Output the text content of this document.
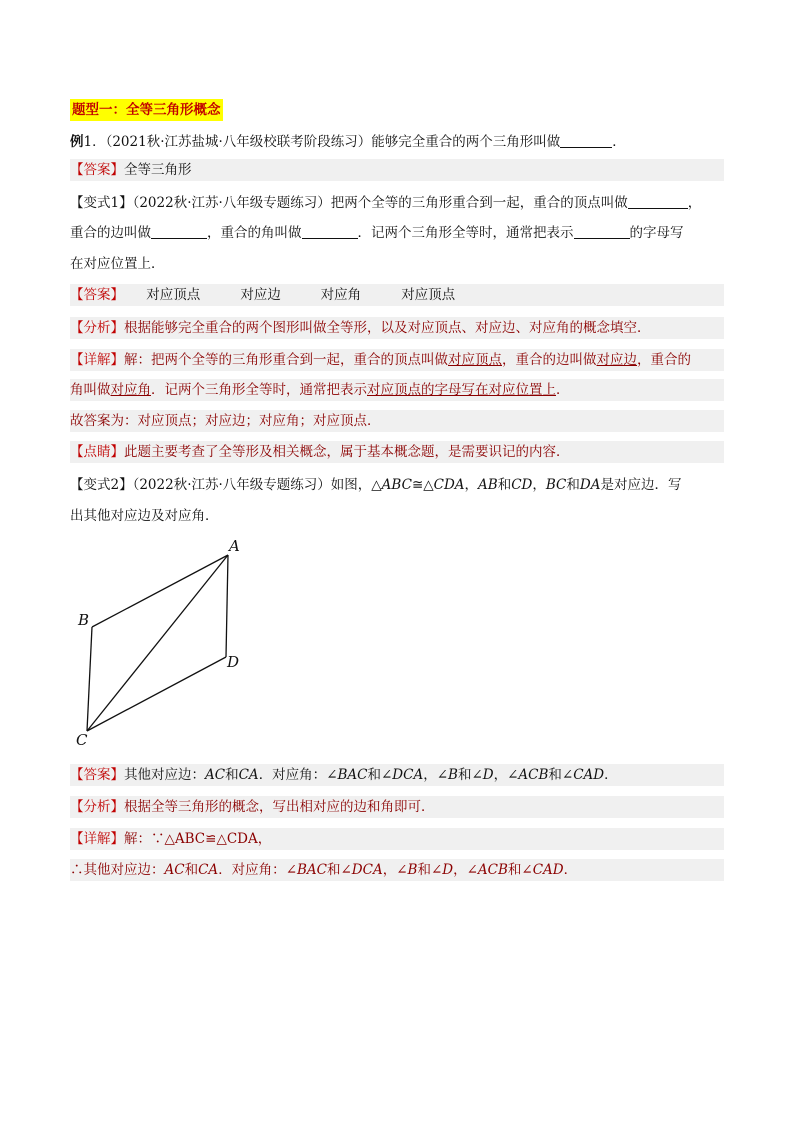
题型一：全等三角形概念
例1．（2021秋·江苏盐城·八年级校联考阶段练习）能够完全重合的两个三角形叫做	．
【答案】全等三角形
【变式1】（2022秋·江苏·八年级专题练习）把两个全等的三角形重合到一起，重合的顶点叫做	，
重合的边叫做	，重合的角叫做	．记两个三角形全等时，通常把表示	的字母写
在对应位置上．
【答案】 对应顶点	对应边	对应角	对应顶点
【分析】根据能够完全重合的两个图形叫做全等形，以及对应顶点、对应边、对应角的概念填空．
【详解】解：把两个全等的三角形重合到一起，重合的顶点叫做对应顶点，重合的边叫做对应边，重合的
角叫做对应角．记两个三角形全等时，通常把表示对应顶点的字母写在对应位置上．
故答案为：对应顶点；对应边；对应角；对应顶点．
【点睛】此题主要考查了全等形及相关概念，属于基本概念题，是需要识记的内容．
【变式2】（2022秋·江苏·八年级专题练习）如图，△ABC≅△CDA，AB和CD，BC和DA是对应边．写
出其他对应边及对应角．
A
B
C
D
【答案】其他对应边：AC和CA．对应角：∠BAC和∠DCA，∠B和∠D，∠ACB和∠CAD．
【分析】根据全等三角形的概念，写出相对应的边和角即可．
【详解】解：∵△ABC≌△CDA，
∴其他对应边：AC和CA．对应角：∠BAC和∠DCA，∠B和∠D，∠ACB和∠CAD．
